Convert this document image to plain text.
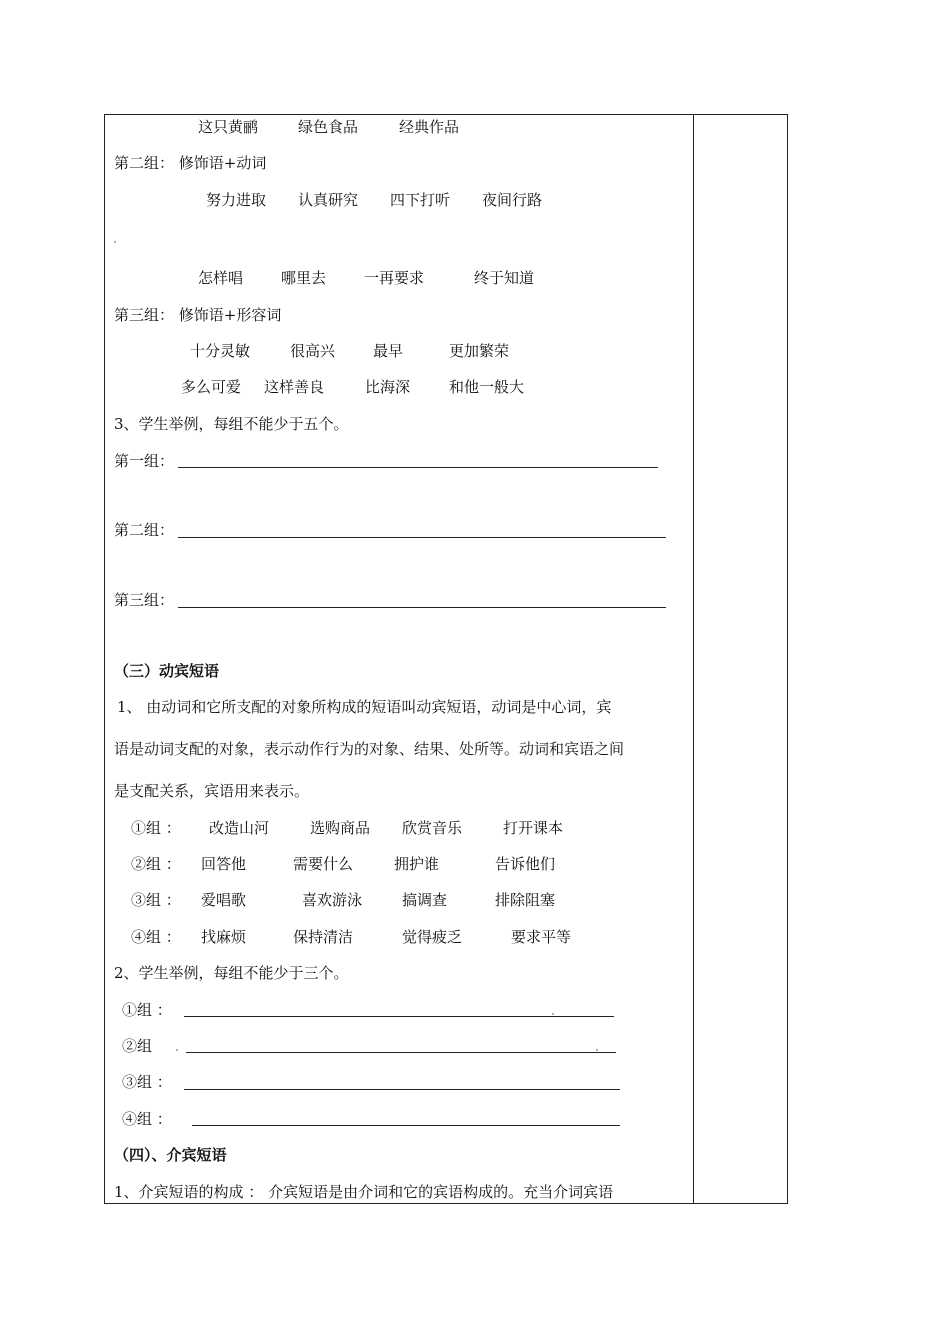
这只黄鹂	绿色食品	经典作品
第二组： 修饰语+动词
努力进取 认真研究 四下打听 夜间行路
怎样唱	哪里去	一再要求	终于知道
第三组： 修饰语+形容词
十分灵敏	很高兴	最早	更加繁荣
多么可爱 这样善良	比海深	和他一般大
3、学生举例，每组不能少于五个。
第一组：
第二组：
第三组：
（三）动宾短语
1、 由动词和它所支配的对象所构成的短语叫动宾短语，动词是中心词，宾
语是动词支配的对象，表示动作行为的对象、结果、处所等。动词和宾语之间
是支配关系，宾语用来表示。
①组 ： 改造山河	选购商品 欣赏音乐	打开课本
②组 ： 回答他	需要什么	拥护谁	告诉他们
③组 ： 爱唱歌	喜欢游泳	搞调查	排除阻塞
④组 ： 找麻烦	保持清洁	觉得疲乏	要求平等
2、学生举例，每组不能少于三个。
①组 ：
②组
③组 ：
④组 ：
（四）、介宾短语
1、介宾短语的构成 ： 介宾短语是由介词和它的宾语构成的。充当介词宾语
